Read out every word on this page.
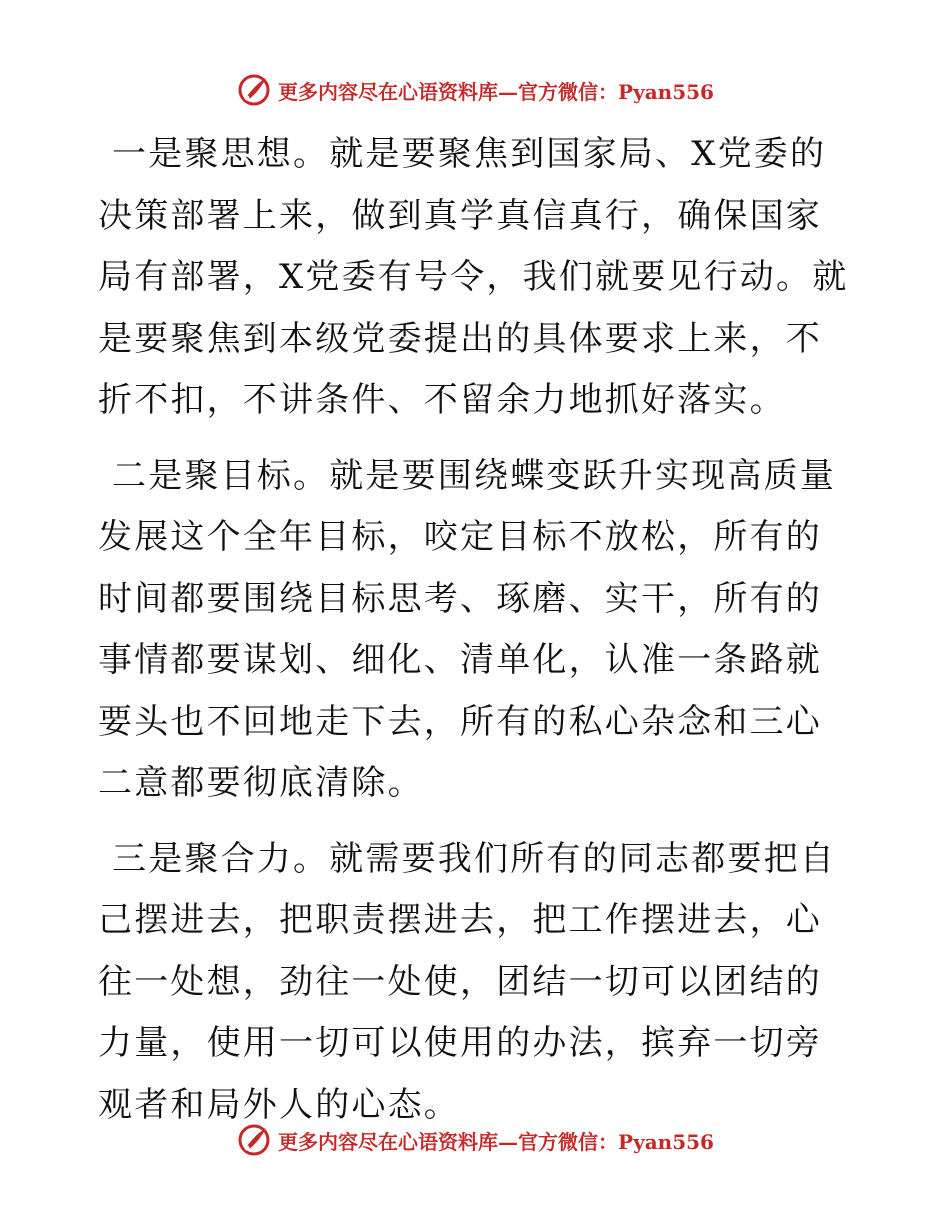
更多内容尽在心语资料库—官方微信：Pyan556

一是聚思想。就是要聚焦到国家局、X党委的决策部署上来，做到真学真信真行，确保国家局有部署，X党委有号令，我们就要见行动。就是要聚焦到本级党委提出的具体要求上来，不折不扣，不讲条件、不留余力地抓好落实。

二是聚目标。就是要围绕蝶变跃升实现高质量发展这个全年目标，咬定目标不放松，所有的时间都要围绕目标思考、琢磨、实干，所有的事情都要谋划、细化、清单化，认准一条路就要头也不回地走下去，所有的私心杂念和三心二意都要彻底清除。

三是聚合力。就需要我们所有的同志都要把自己摆进去，把职责摆进去，把工作摆进去，心往一处想，劲往一处使，团结一切可以团结的力量，使用一切可以使用的办法，摈弃一切旁观者和局外人的心态。

更多内容尽在心语资料库—官方微信：Pyan556
